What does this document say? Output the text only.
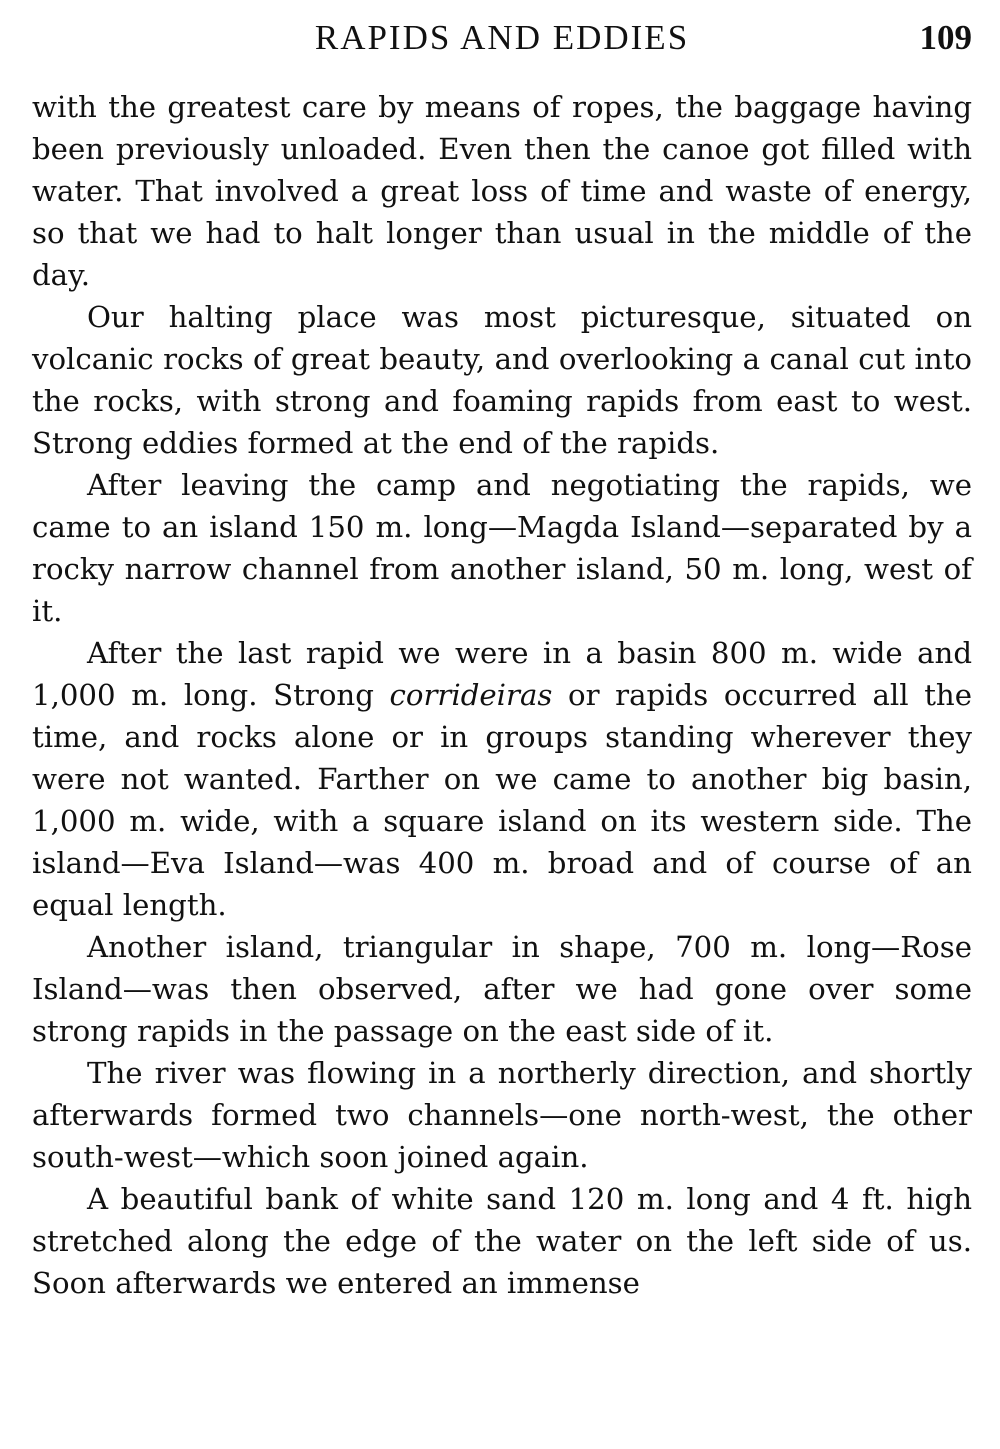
RAPIDS AND EDDIES	109

with the greatest care by means of ropes, the baggage having been previously unloaded. Even then the canoe got filled with water. That involved a great loss of time and waste of energy, so that we had to halt longer than usual in the middle of the day.

Our halting place was most picturesque, situated on volcanic rocks of great beauty, and overlooking a canal cut into the rocks, with strong and foaming rapids from east to west. Strong eddies formed at the end of the rapids.

After leaving the camp and negotiating the rapids, we came to an island 150 m. long—Magda Island—separated by a rocky narrow channel from another island, 50 m. long, west of it.

After the last rapid we were in a basin 800 m. wide and 1,000 m. long. Strong corrideiras or rapids occurred all the time, and rocks alone or in groups standing wherever they were not wanted. Farther on we came to another big basin, 1,000 m. wide, with a square island on its western side. The island—Eva Island—was 400 m. broad and of course of an equal length.

Another island, triangular in shape, 700 m. long—Rose Island—was then observed, after we had gone over some strong rapids in the passage on the east side of it.

The river was flowing in a northerly direction, and shortly afterwards formed two channels—one north-west, the other south-west—which soon joined again.

A beautiful bank of white sand 120 m. long and 4 ft. high stretched along the edge of the water on the left side of us. Soon afterwards we entered an immense
